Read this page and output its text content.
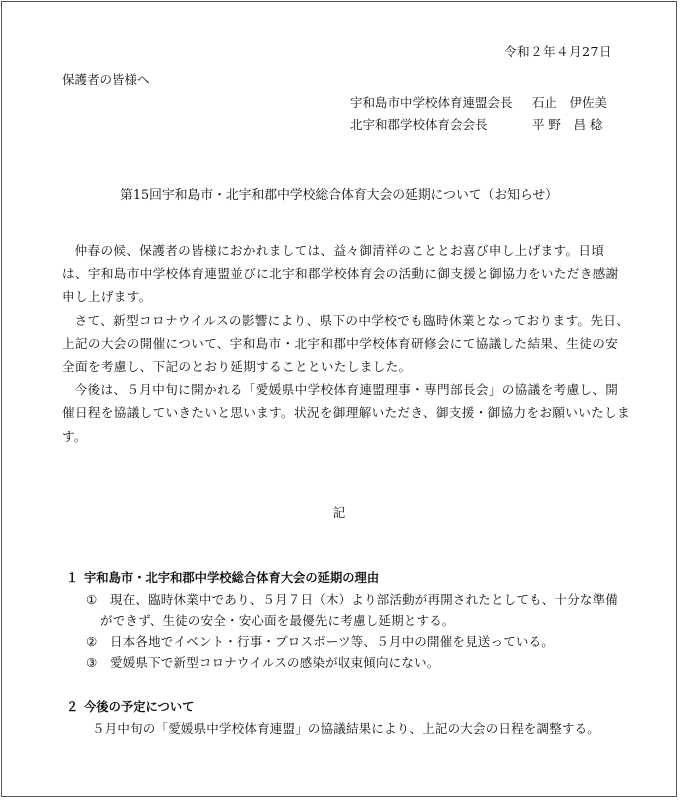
令和２年４月27日
保護者の皆様へ
宇和島市中学校体育連盟会長 石止　伊佐美
北宇和郡学校体育会会長	平 野　昌 稔
第15回宇和島市・北宇和郡中学校総合体育大会の延期について（お知らせ）

仲春の候、保護者の皆様におかれましては、益々御清祥のこととお喜び申し上げます。日頃は、宇和島市中学校体育連盟並びに北宇和郡学校体育会の活動に御支援と御協力をいただき感謝申し上げます。

さて、新型コロナウイルスの影響により、県下の中学校でも臨時休業となっております。先日、上記の大会の開催について、宇和島市・北宇和郡中学校体育研修会にて協議した結果、生徒の安全面を考慮し、下記のとおり延期することといたしました。

今後は、５月中旬に開かれる「愛媛県中学校体育連盟理事・専門部長会」の協議を考慮し、開催日程を協議していきたいと思います。状況を御理解いただき、御支援・御協力をお願いいたします。

記
１ 宇和島市・北宇和郡中学校総合体育大会の延期の理由
① 現在、臨時休業中であり、５月７日（木）より部活動が再開されたとしても、十分な準備
ができず、生徒の安全・安心面を最優先に考慮し延期とする。
② 日本各地でイベント・行事・プロスポーツ等、５月中の開催を見送っている。
③ 愛媛県下で新型コロナウイルスの感染が収束傾向にない。
２ 今後の予定について
５月中旬の「愛媛県中学校体育連盟」の協議結果により、上記の大会の日程を調整する。
